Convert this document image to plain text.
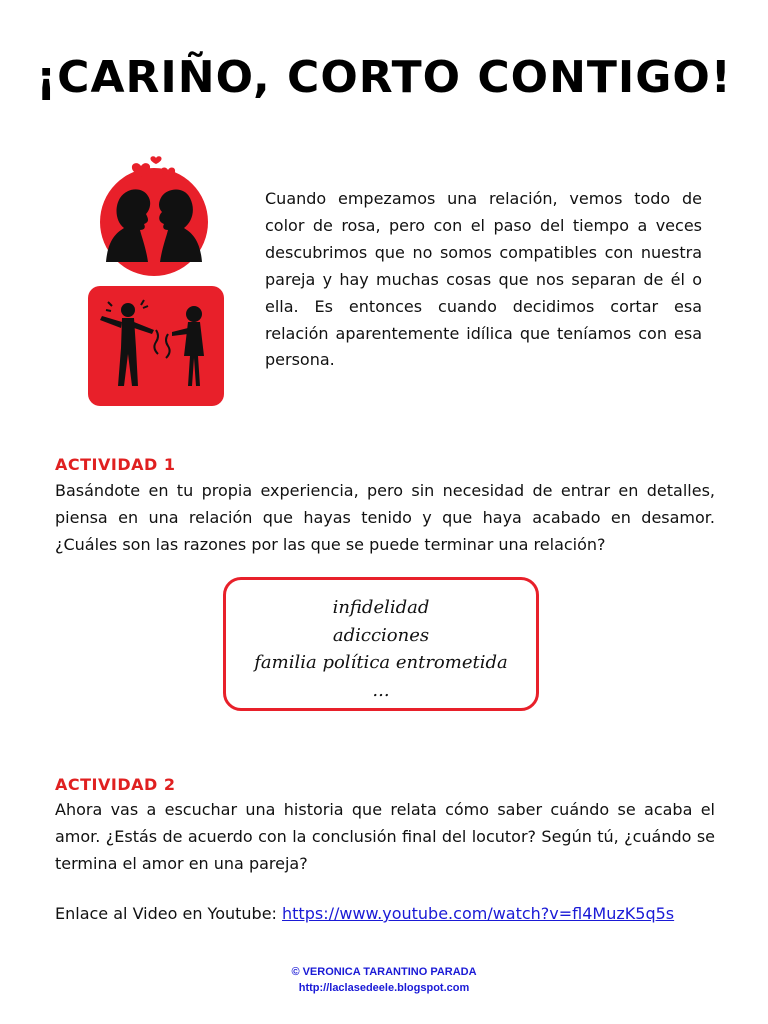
¡CARIÑO, CORTO CONTIGO!
Cuando empezamos una relación, vemos todo de color de rosa, pero con el paso del tiempo a veces descubrimos que no somos compatibles con nuestra pareja y hay muchas cosas que nos separan de él o ella. Es entonces cuando decidimos cortar esa relación aparentemente idílica que teníamos con esa persona.
ACTIVIDAD 1
Basándote en tu propia experiencia, pero sin necesidad de entrar en detalles, piensa en una relación que hayas tenido y que haya acabado en desamor. ¿Cuáles son las razones por las que se puede terminar una relación?
infidelidad
adicciones
familia política entrometida
...
ACTIVIDAD 2
Ahora vas a escuchar una historia que relata cómo saber cuándo se acaba el amor. ¿Estás de acuerdo con la conclusión final del locutor? Según tú, ¿cuándo se termina el amor en una pareja?
Enlace al Video en Youtube: https://www.youtube.com/watch?v=fl4MuzK5q5s
© VERONICA TARANTINO PARADA
http://laclasedeele.blogspot.com
